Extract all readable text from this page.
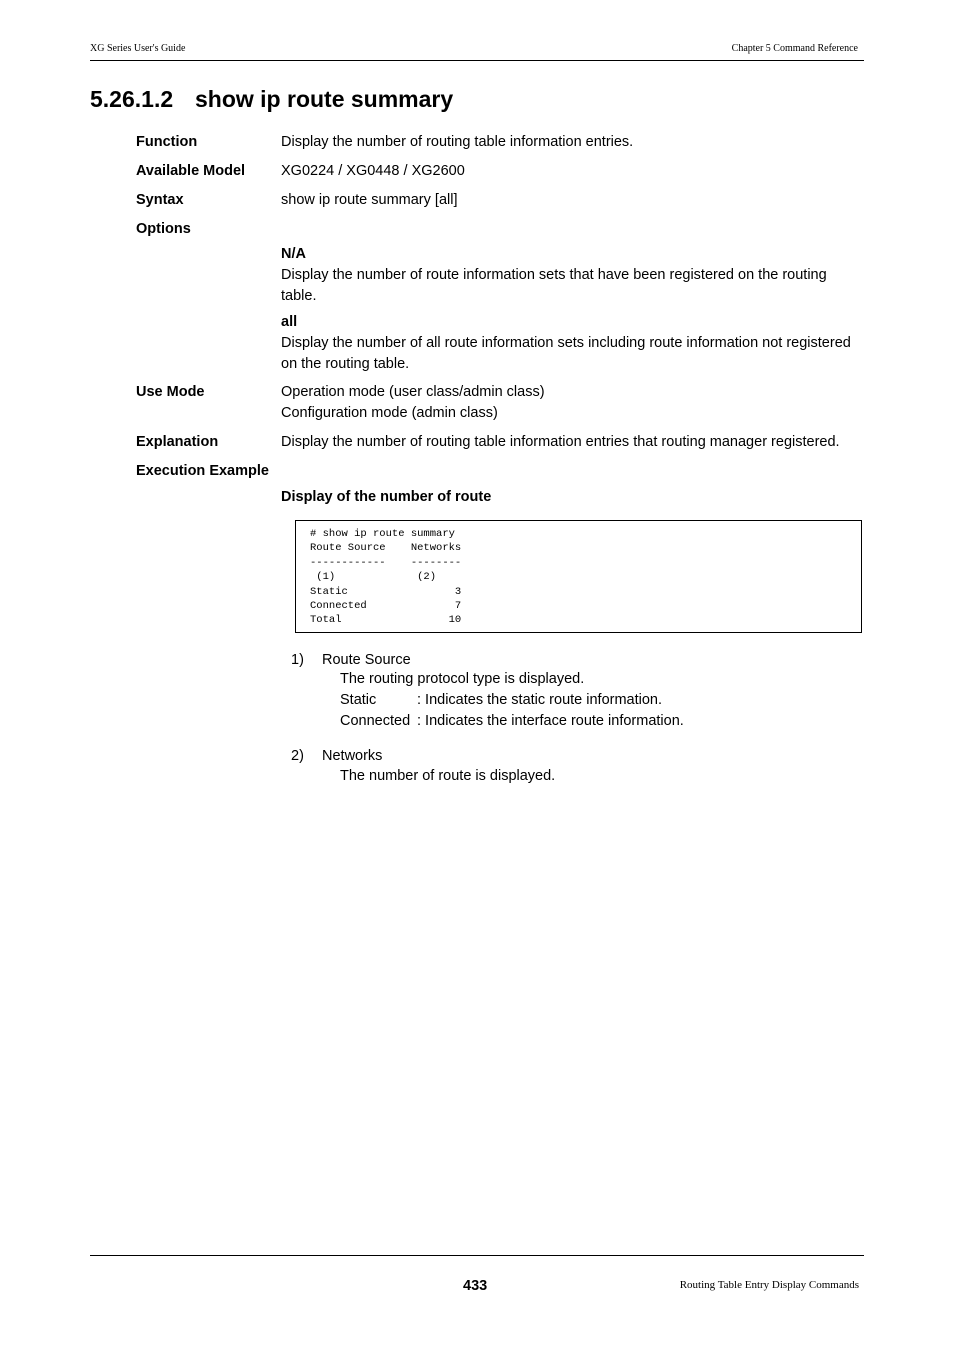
XG Series User's Guide	Chapter 5 Command Reference
5.26.1.2 show ip route summary
Function	Display the number of routing table information entries.
Available Model XG0224 / XG0448 / XG2600
Syntax	show ip route summary [all]
Options
N/A
Display the number of route information sets that have been registered on the routing table.
all
Display the number of all route information sets including route information not registered on the routing table.
Use Mode	Operation mode (user class/admin class)
Configuration mode (admin class)
Explanation	Display the number of routing table information entries that routing manager registered.
Execution Example
Display of the number of route
# show ip route summary
Route Source    Networks
------------    --------
(1)             (2)
Static                 3
Connected              7
Total                 10
1) Route Source
The routing protocol type is displayed.
Static	: Indicates the static route information.
Connected : Indicates the interface route information.
2) Networks
The number of route is displayed.
433	Routing Table Entry Display Commands
